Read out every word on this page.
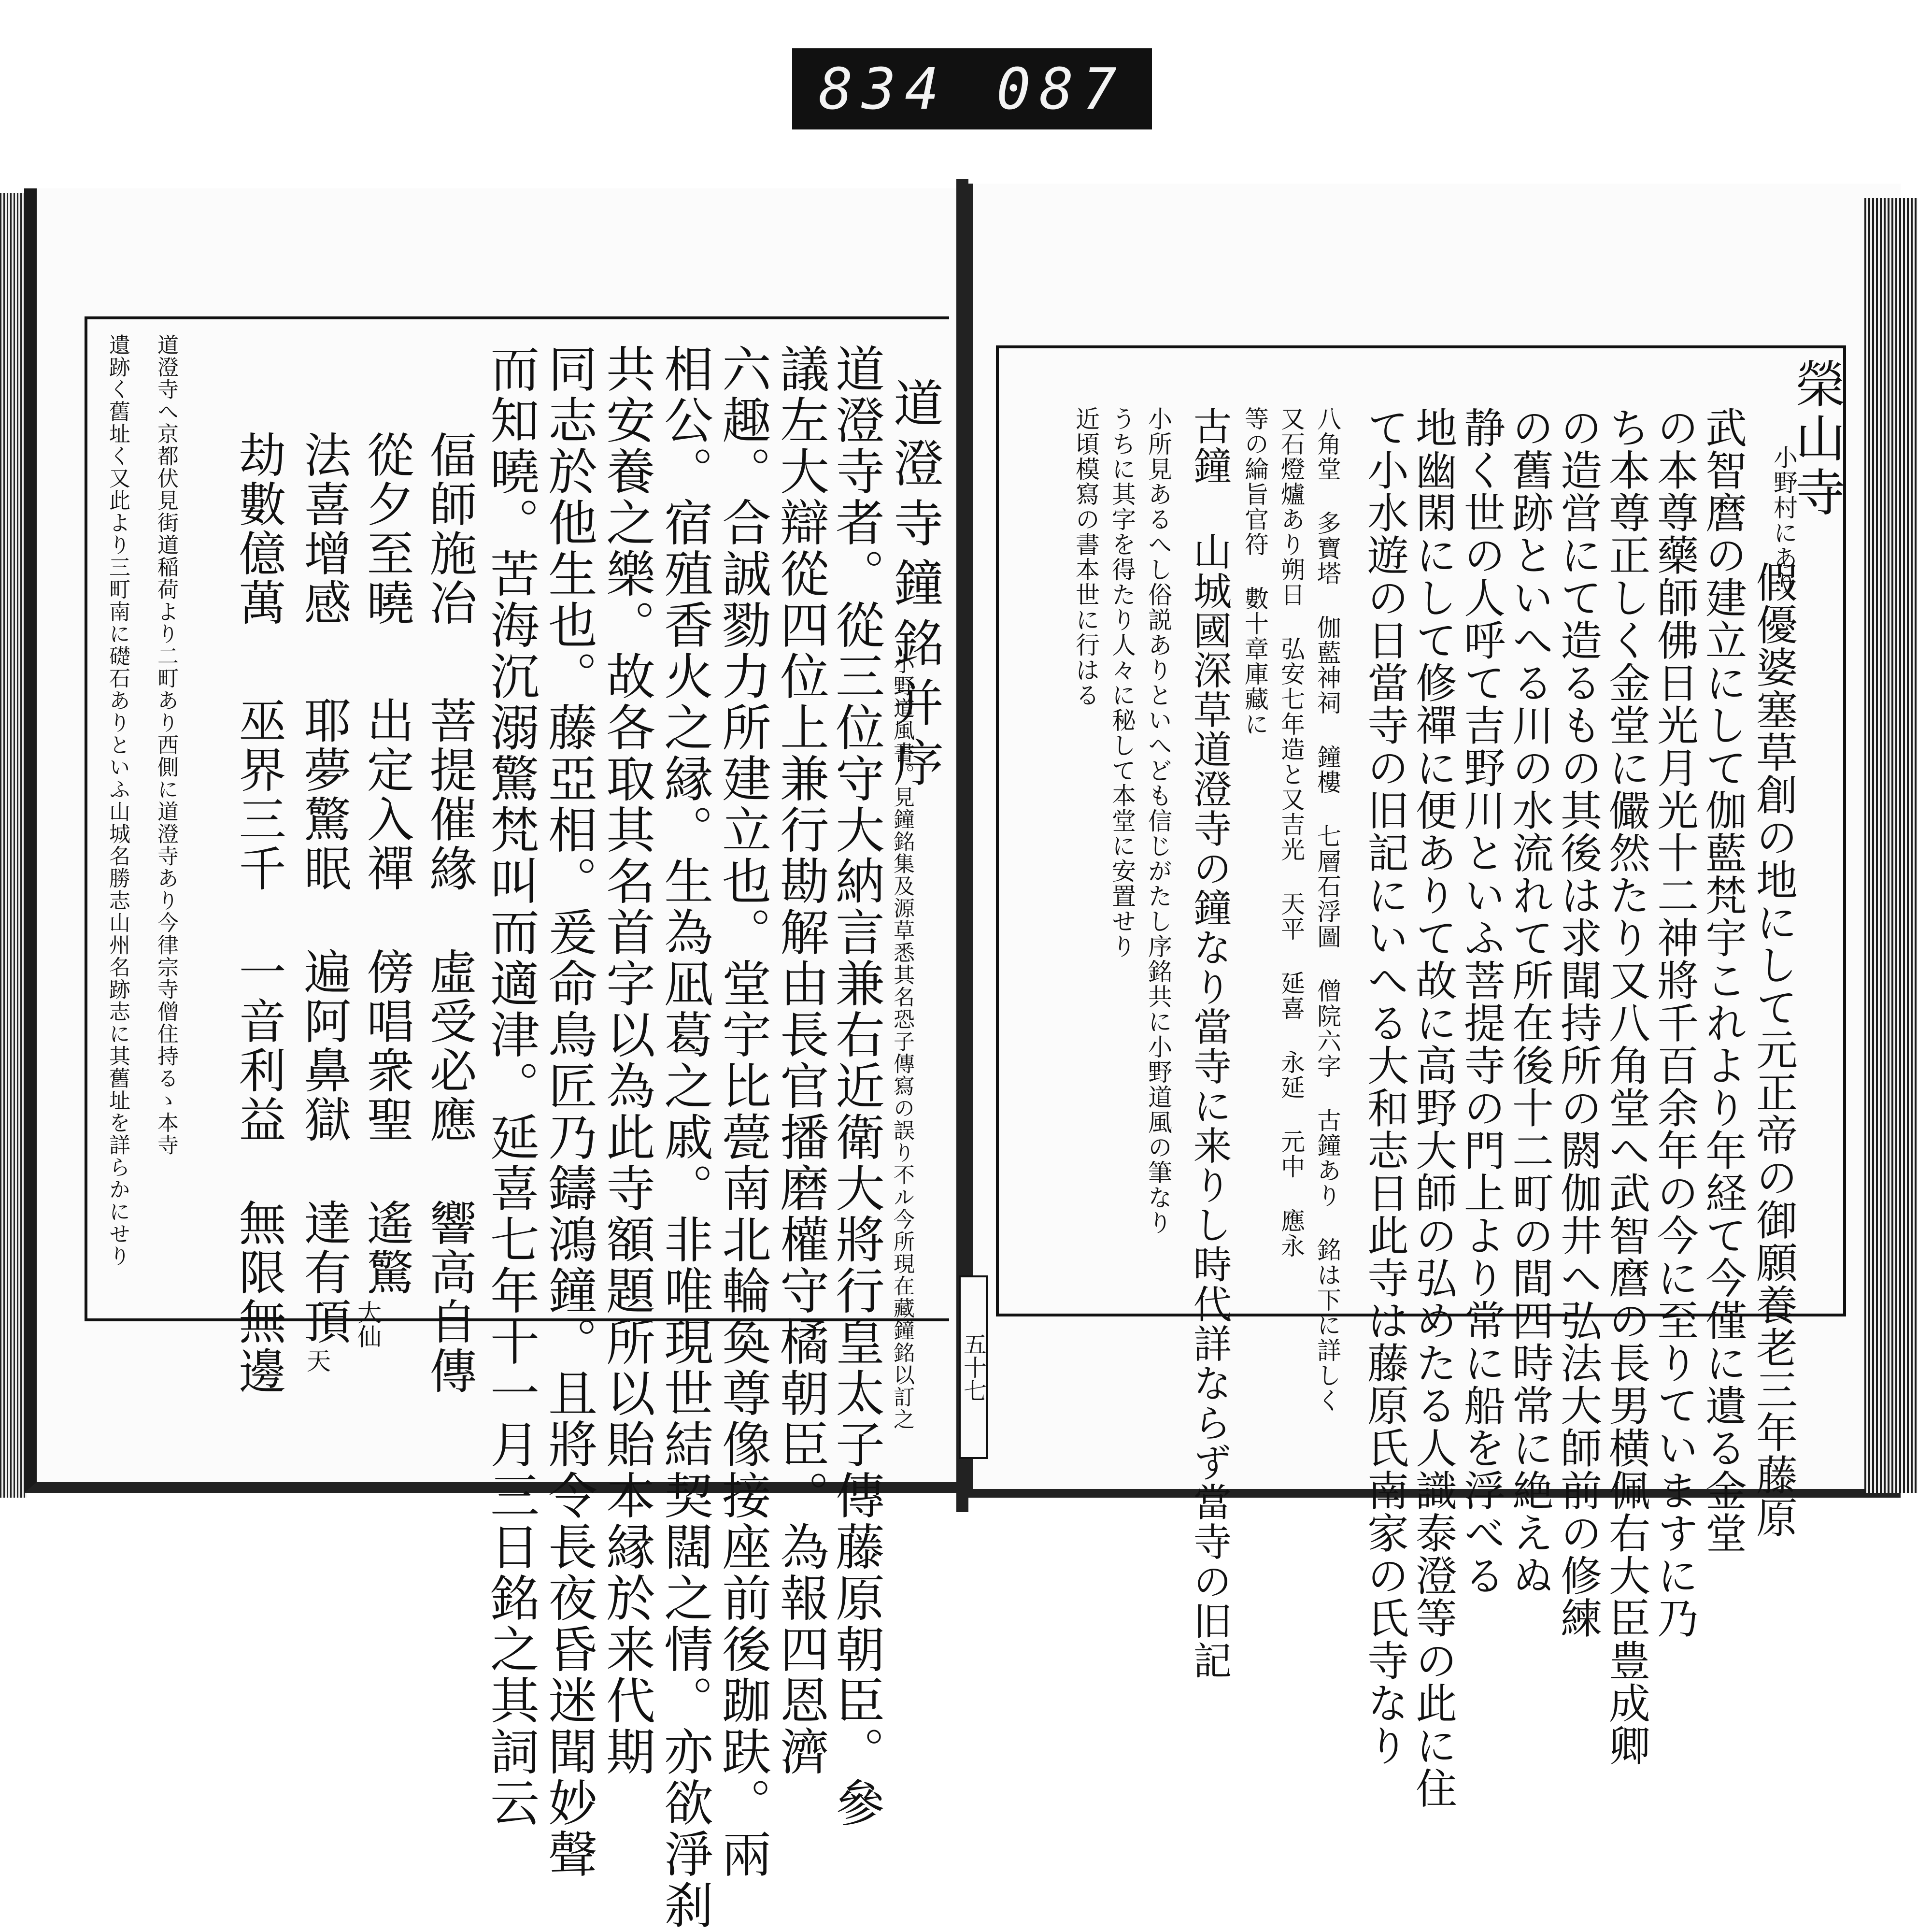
834 087
道澄寺鐘銘并序
小野道風書。見鐘銘集及源草悉其名恐子傳寫の誤り不ル今所現在藏鐘銘以訂之
道澄寺者。從三位守大納言兼右近衛大將行皇太子傳藤原朝臣。參
議左大辯從四位上兼行勘解由長官播磨權守橘朝臣。為報四恩濟
六趣。合誠勠力所建立也。堂宇比甍南北輪奐尊像接座前後跏趺。兩
相公。宿殖香火之縁。生為凪葛之戚。非唯現世結契闊之情。亦欲淨刹
共安養之樂。故各取其名首字以為此寺額題所以貽本縁於来代期
同志於他生也。藤亞相。爰命鳥匠乃鑄鴻鐘。且將令長夜昏迷聞妙聲
而知曉。苦海沉溺驚梵叫而適津。延喜七年十一月三日銘之其詞云
偪師施冶
菩提催緣
虛受必應
響高自傳
從夕至曉
出定入禪
傍唱衆聖
遙驚
大仙
法喜增感
耶夢驚眠
遍阿鼻獄
達有頂
天
劫數億萬
巫界三千
一音利益
無限無邊
道澄寺へ京都伏見街道稲荷より二町あり西側に道澄寺あり今律宗寺僧住持るゝ本寺
遺跡く舊址く又此より三町南に礎石ありといふ山城名勝志山州名跡志に其舊址を詳らかにせり	榮山寺
小野村にあり
假優婆塞草創の地にして元正帝の御願養老三年藤原
武智麿の建立にして伽藍梵宇これより年経て今僅に遺る金堂
の本尊藥師佛日光月光十二神將千百余年の今に至りていますに乃
ち本尊正しく金堂に儼然たり又八角堂へ武智麿の長男横佩右大臣豊成卿
の造営にて造るもの其後は求聞持所の閼伽井へ弘法大師前の修練
の舊跡といへる川の水流れて所在後十二町の間四時常に絶えぬ
静く世の人呼て吉野川といふ菩提寺の門上より常に船を浮べる
地幽閑にして修禪に便ありて故に高野大師の弘めたる人識泰澄等の此に住
て小水遊の日當寺の旧記にいへる大和志日此寺は藤原氏南家の氏寺なり
八角堂 多寶塔 伽藍神祠 鐘樓 七層石浮圖 僧院六字 古鐘あり 銘は下に詳しく
又石燈爐あり朔日 弘安七年造と又吉光 天平 延喜 永延 元中 應永
等の綸旨官符 數十章庫藏に
古鐘 山城國深草道澄寺の鐘なり當寺に来りし時代詳ならず當寺の旧記
小所見あるへし俗説ありといへども信じがたし序銘共に小野道風の筆なり
うちに其字を得たり人々に秘して本堂に安置せり
近頃模寫の書本世に行はる
五十七
